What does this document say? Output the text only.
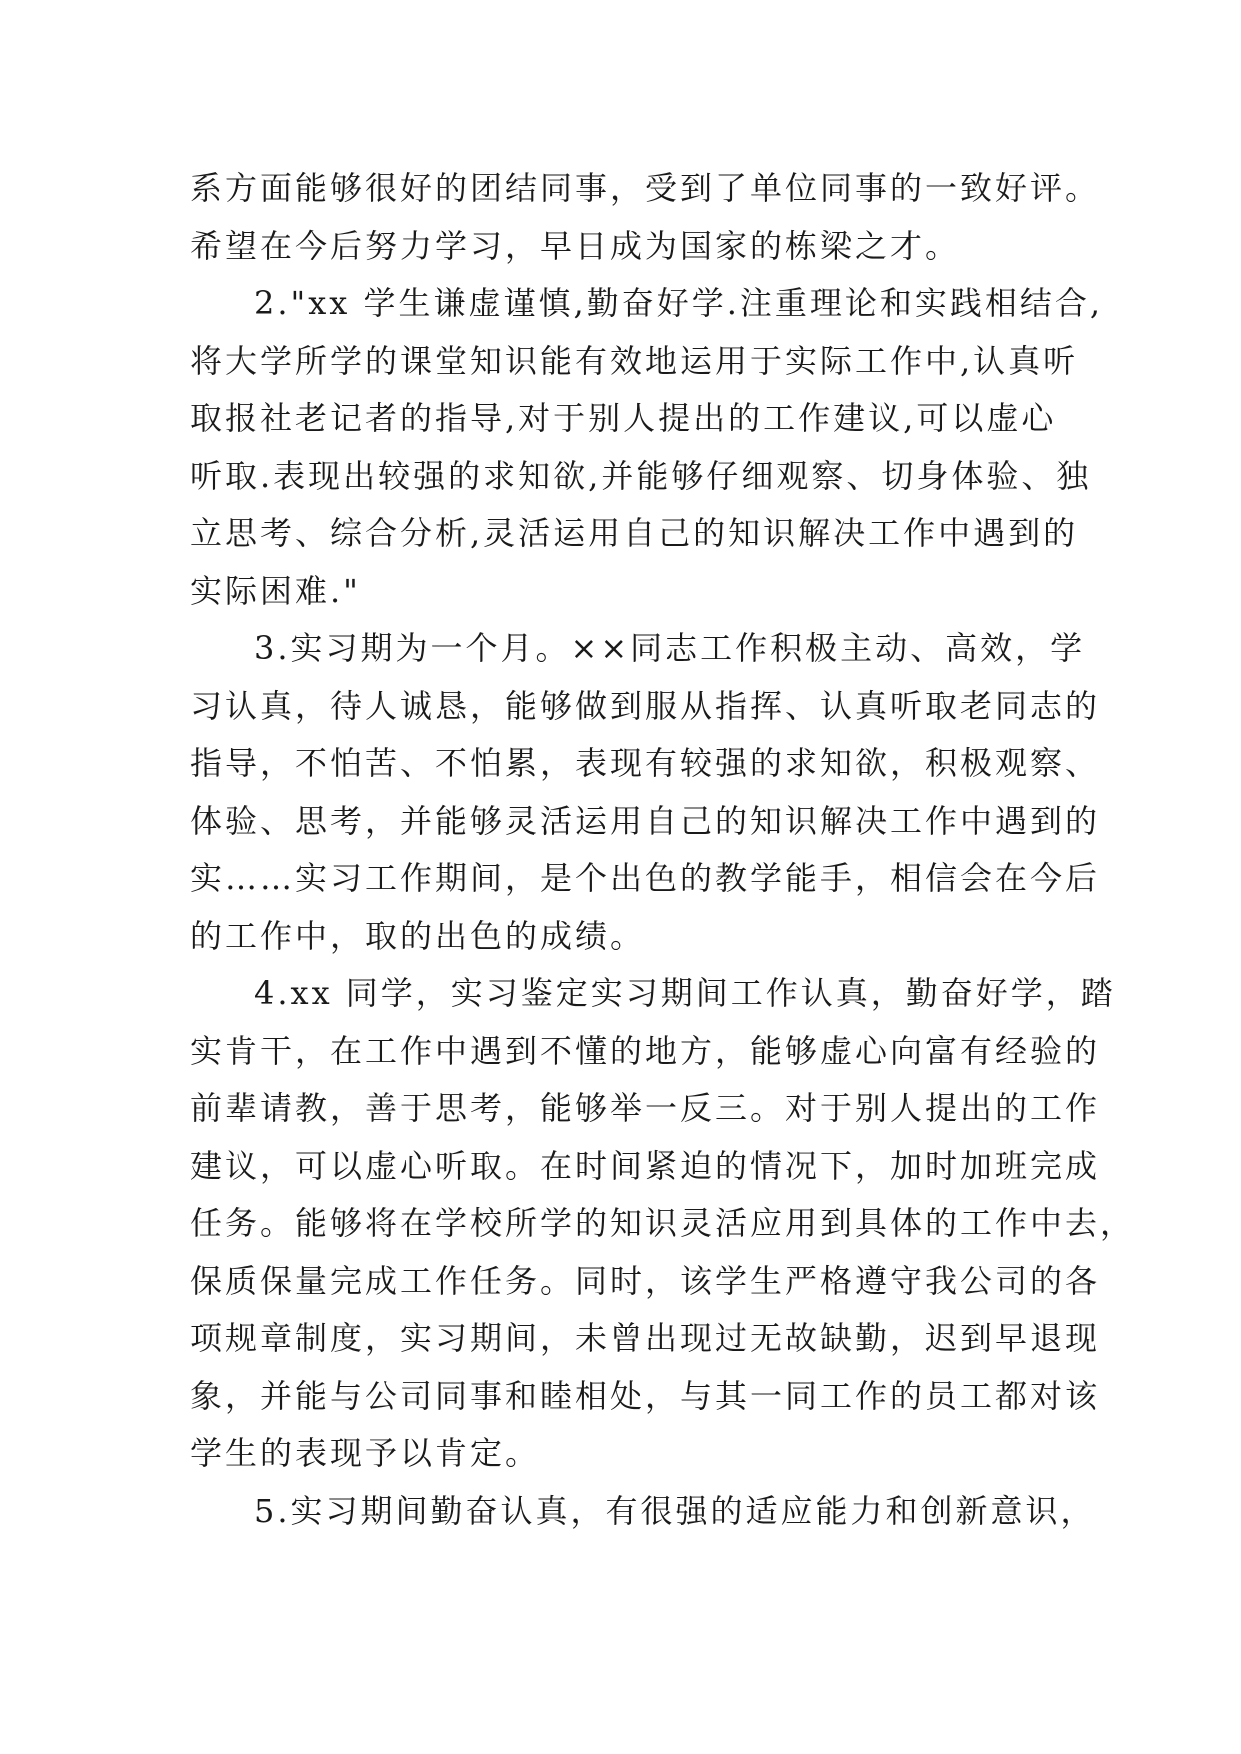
系方面能够很好的团结同事，受到了单位同事的一致好评。
希望在今后努力学习，早日成为国家的栋梁之才。
2."xx 学生谦虚谨慎,勤奋好学.注重理论和实践相结合,
将大学所学的课堂知识能有效地运用于实际工作中,认真听
取报社老记者的指导,对于别人提出的工作建议,可以虚心
听取.表现出较强的求知欲,并能够仔细观察、切身体验、独
立思考、综合分析,灵活运用自己的知识解决工作中遇到的
实际困难."
3.实习期为一个月。××同志工作积极主动、高效，学
习认真，待人诚恳，能够做到服从指挥、认真听取老同志的
指导，不怕苦、不怕累，表现有较强的求知欲，积极观察、
体验、思考，并能够灵活运用自己的知识解决工作中遇到的
实……实习工作期间，是个出色的教学能手，相信会在今后
的工作中，取的出色的成绩。
4.xx 同学，实习鉴定实习期间工作认真，勤奋好学，踏
实肯干，在工作中遇到不懂的地方，能够虚心向富有经验的
前辈请教，善于思考，能够举一反三。对于别人提出的工作
建议，可以虚心听取。在时间紧迫的情况下，加时加班完成
任务。能够将在学校所学的知识灵活应用到具体的工作中去，
保质保量完成工作任务。同时，该学生严格遵守我公司的各
项规章制度，实习期间，未曾出现过无故缺勤，迟到早退现
象，并能与公司同事和睦相处，与其一同工作的员工都对该
学生的表现予以肯定。
5.实习期间勤奋认真，有很强的适应能力和创新意识，
